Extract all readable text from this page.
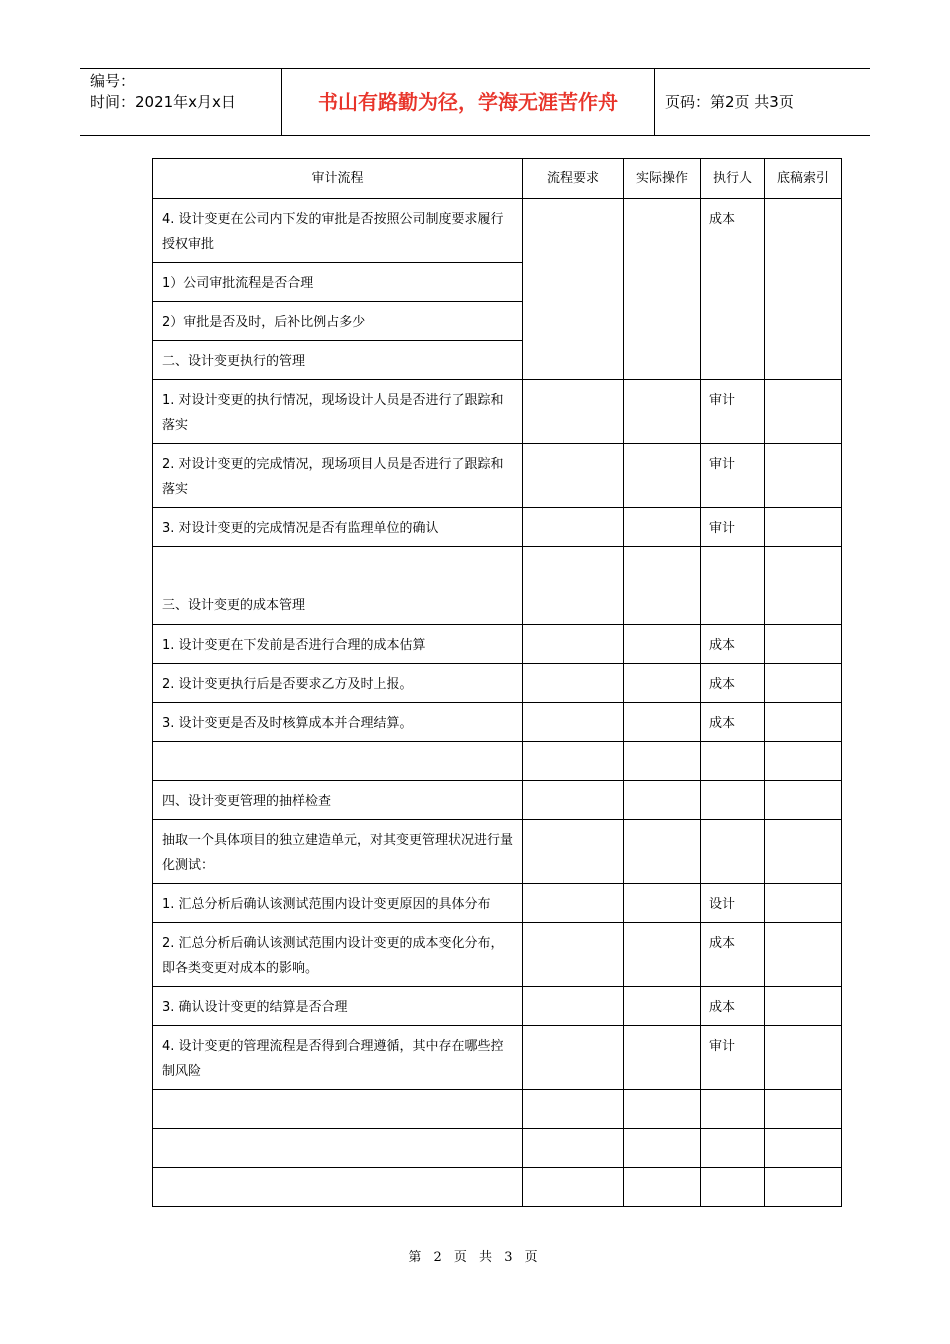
编号：
时间：2021年x月x日	书山有路勤为径，学海无涯苦作舟	页码：第2页 共3页
审计流程	流程要求	实际操作	执行人	底稿索引
4. 设计变更在公司内下发的审批是否按照公司制度要求履行授权审批			成本	
1）公司审批流程是否合理				
2）审批是否及时，后补比例占多少				
二、设计变更执行的管理				
1. 对设计变更的执行情况，现场设计人员是否进行了跟踪和落实			审计	
2. 对设计变更的完成情况，现场项目人员是否进行了跟踪和落实			审计	
3. 对设计变更的完成情况是否有监理单位的确认			审计	
三、设计变更的成本管理				
1. 设计变更在下发前是否进行合理的成本估算			成本	
2. 设计变更执行后是否要求乙方及时上报。			成本	
3. 设计变更是否及时核算成本并合理结算。			成本	

四、设计变更管理的抽样检查				
抽取一个具体项目的独立建造单元，对其变更管理状况进行量化测试：				
1. 汇总分析后确认该测试范围内设计变更原因的具体分布			设计	
2. 汇总分析后确认该测试范围内设计变更的成本变化分布，即各类变更对成本的影响。			成本	
3. 确认设计变更的结算是否合理			成本	
4. 设计变更的管理流程是否得到合理遵循，其中存在哪些控制风险			审计	

第 2 页 共 3 页
